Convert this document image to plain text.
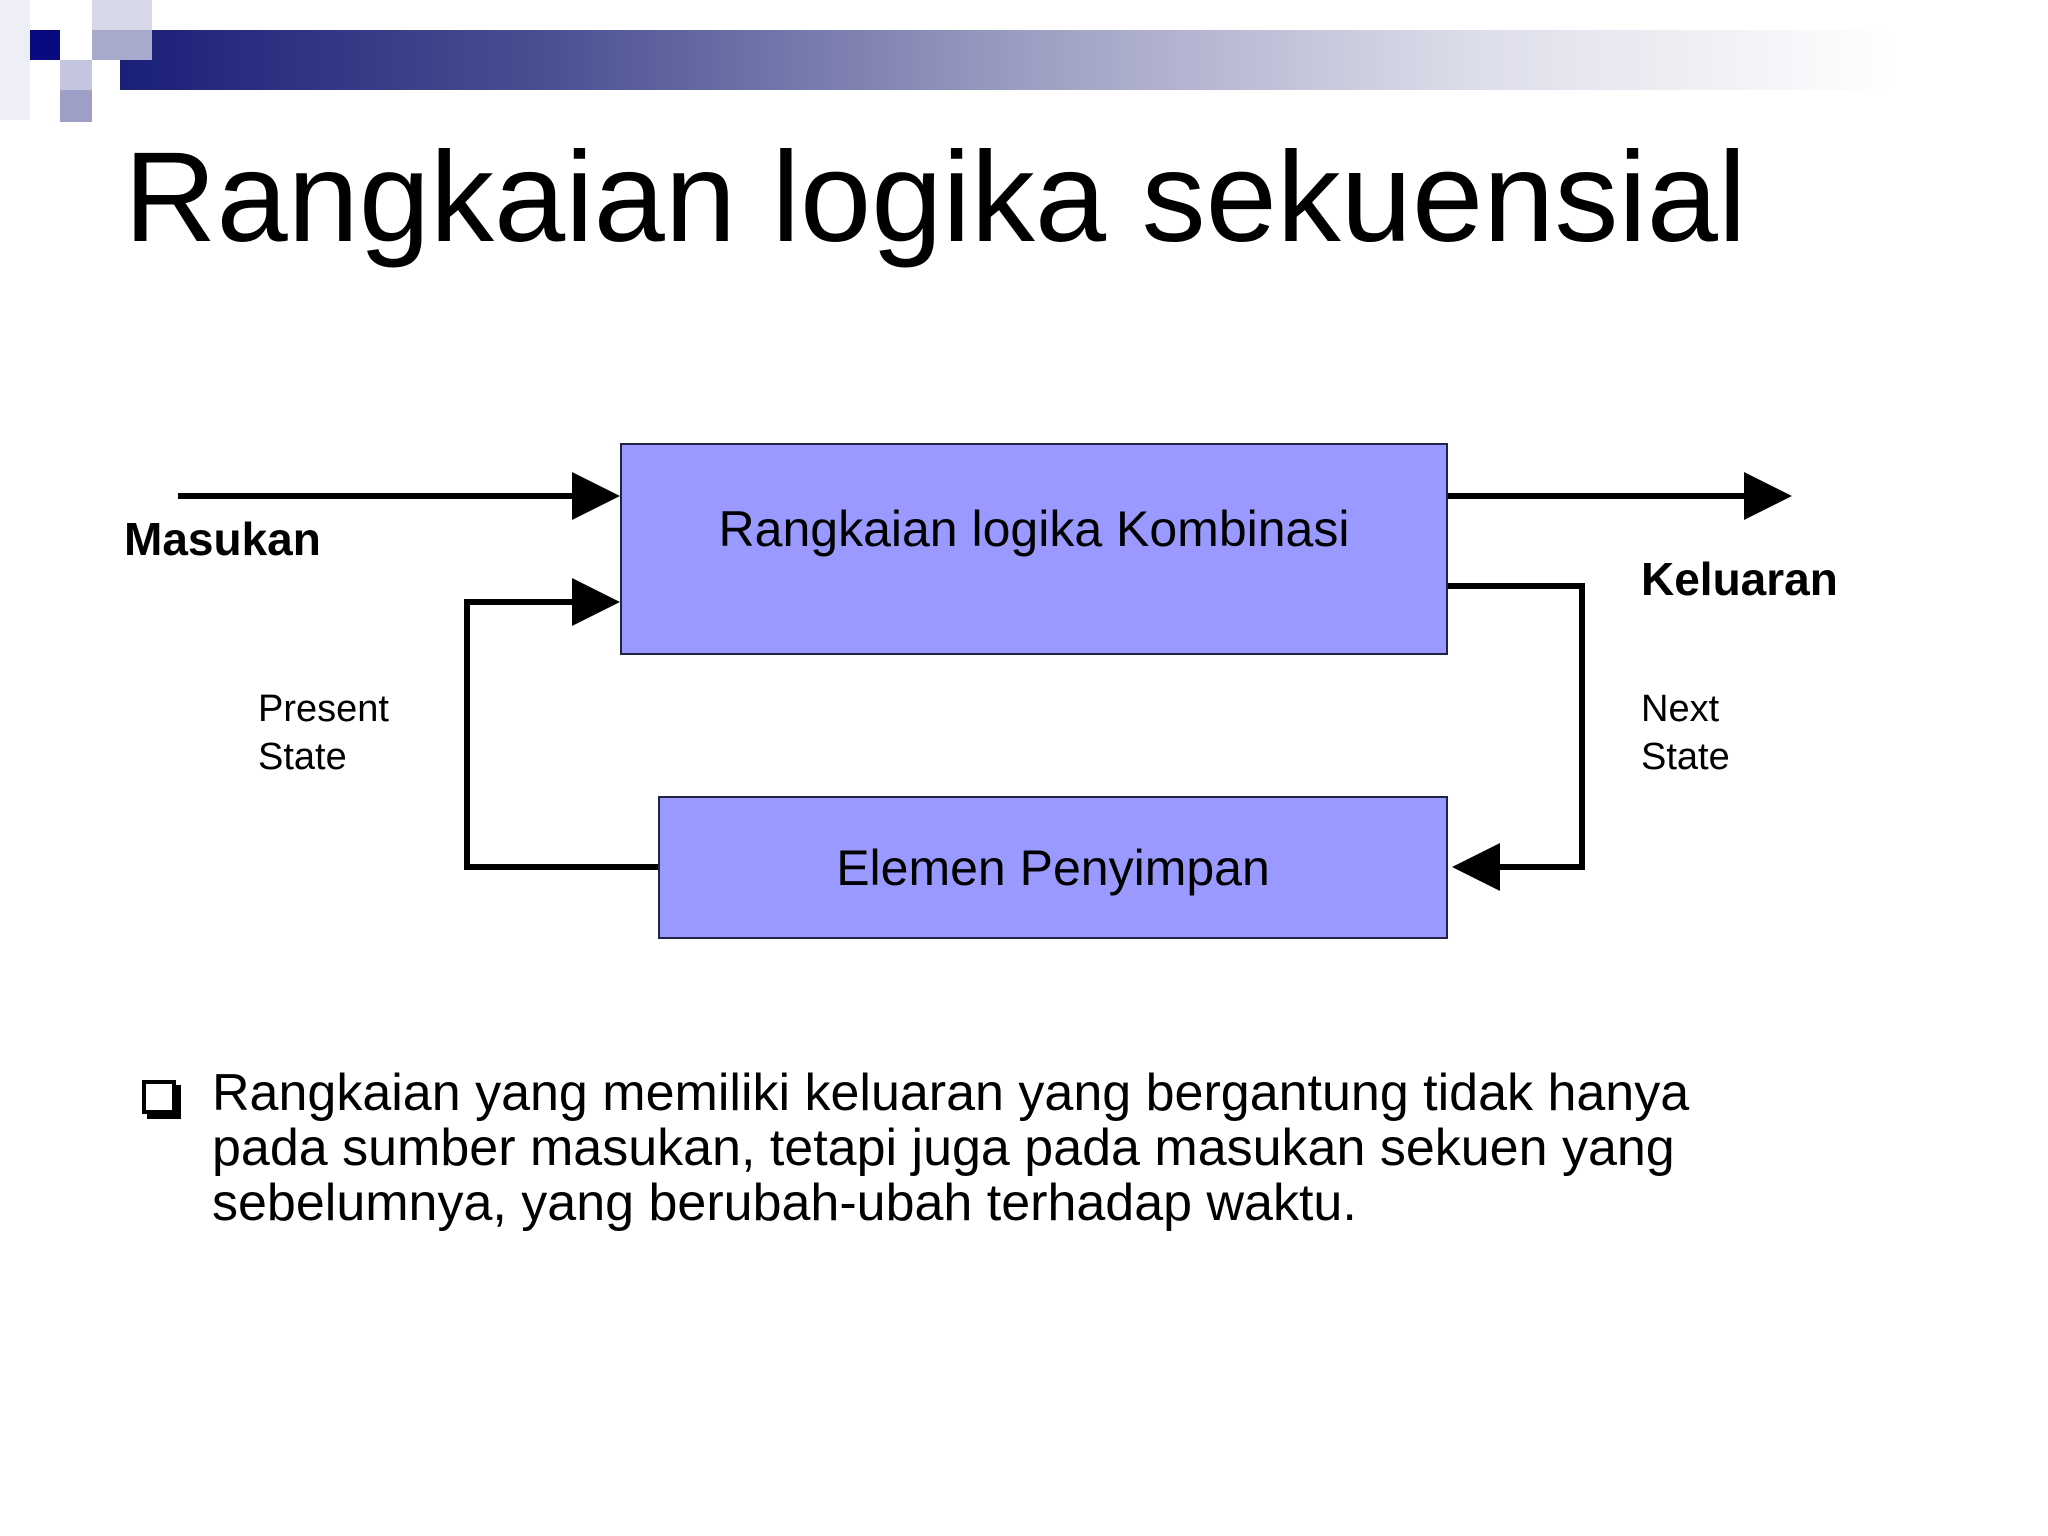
Rangkaian logika sekuensial
Rangkaian logika Kombinasi
Elemen Penyimpan
Masukan
Keluaran
Present
State
Next
State
Rangkaian yang memiliki keluaran yang bergantung tidak hanya
pada sumber masukan, tetapi juga pada masukan sekuen yang
sebelumnya, yang berubah-ubah terhadap waktu.
